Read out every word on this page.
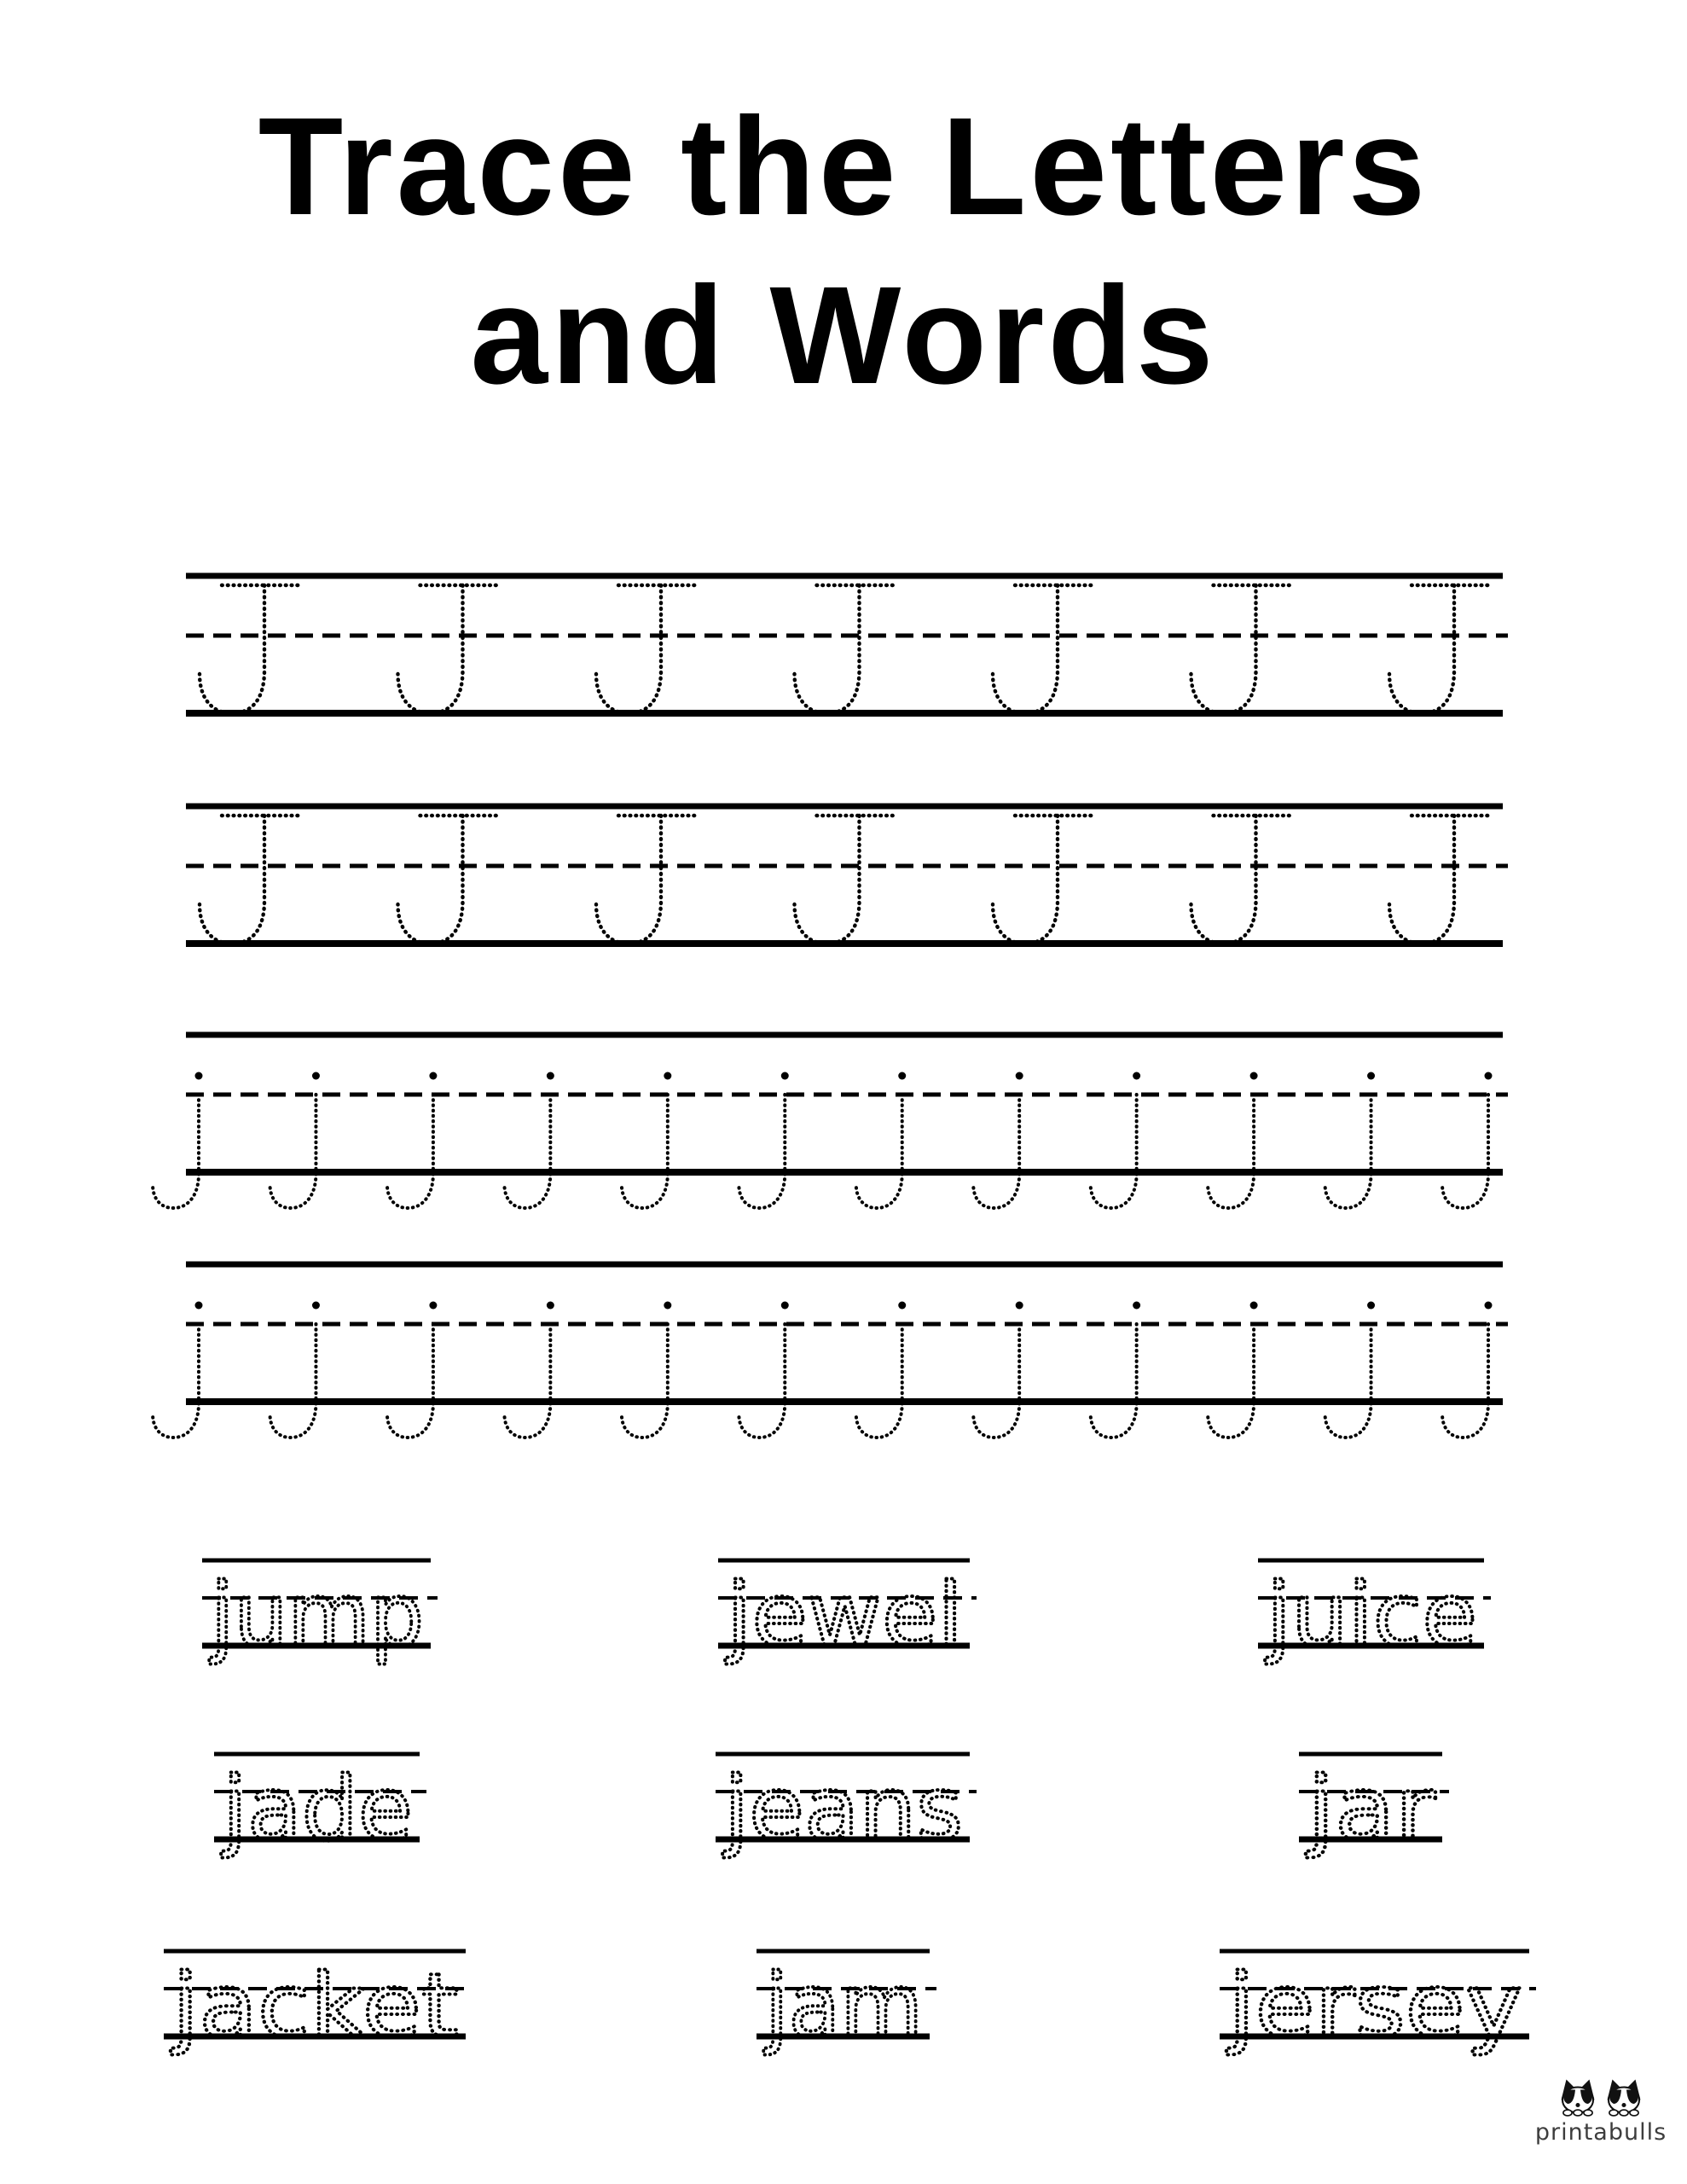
Trace the Letters
and Words
jump	jewel	juice
jade	jeans	jar
jacket	jam	jersey
printabulls
